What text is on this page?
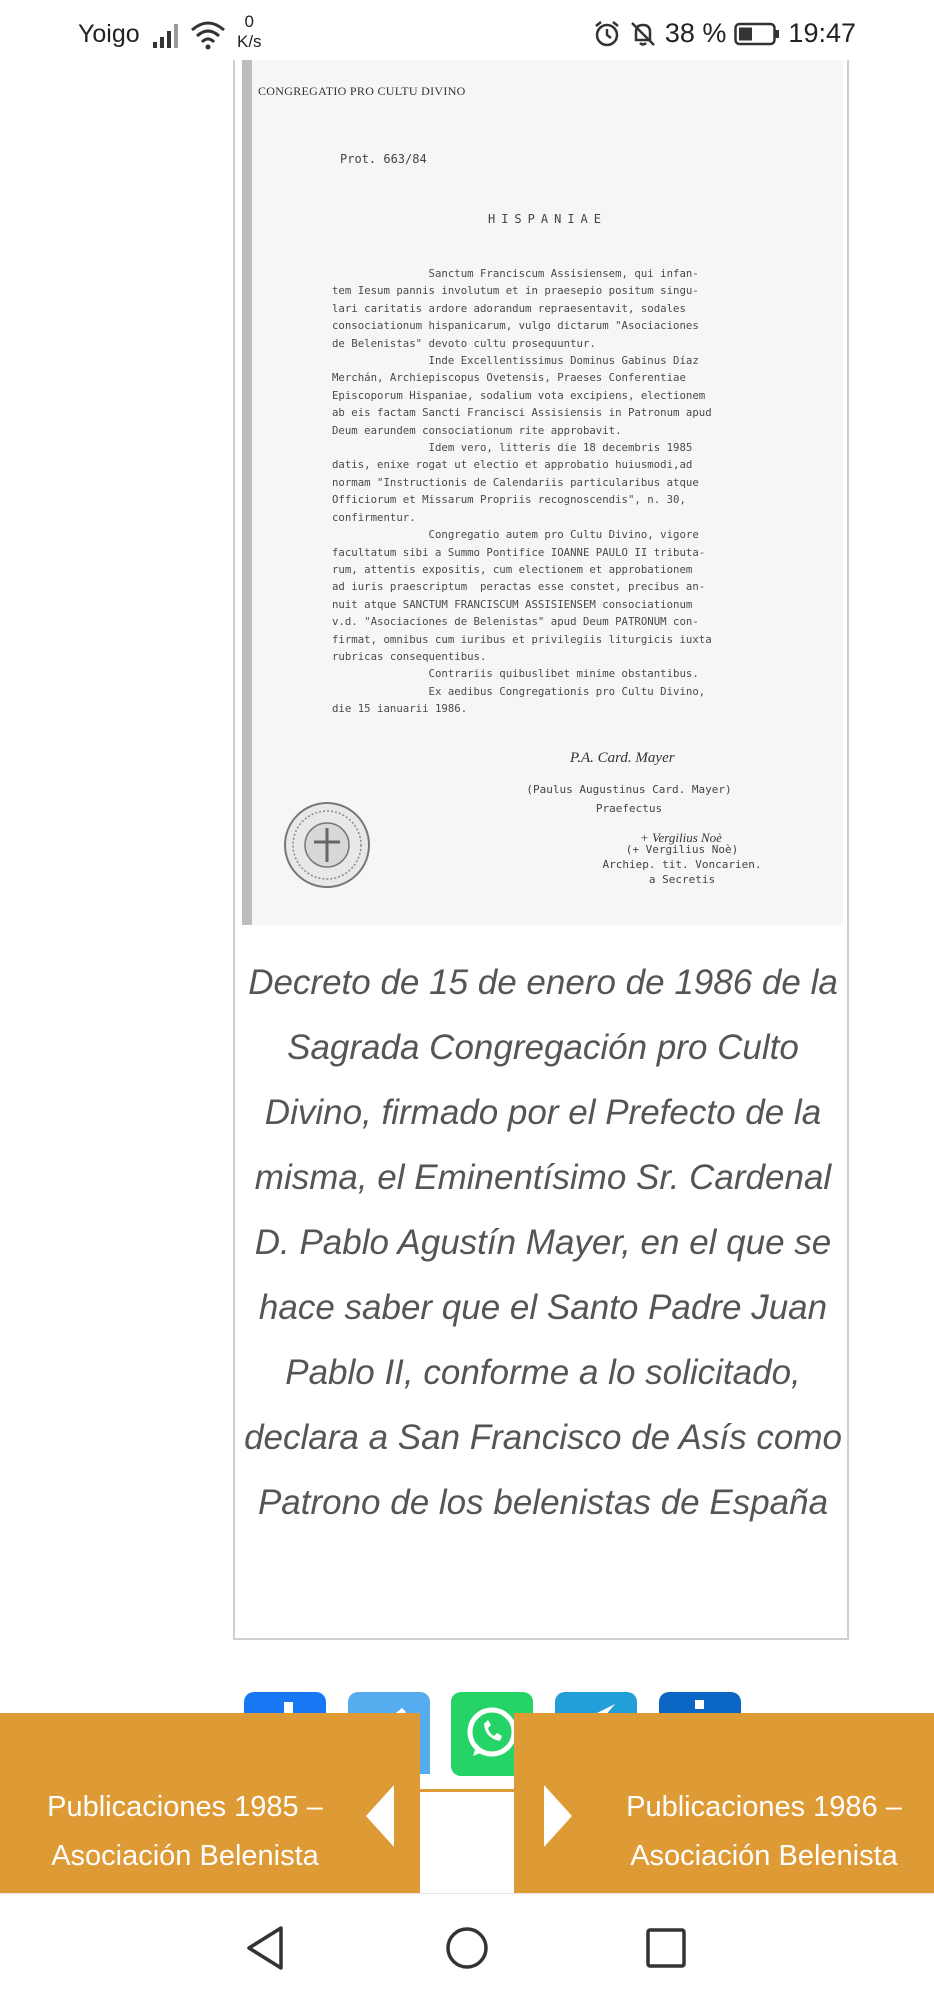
Yoigo	0
K/s	38 % 19:47
CONGREGATIO PRO CULTU DIVINO
Prot. 663/84
HISPANIAE
Sanctum Franciscum Assisiensem, qui infan-
tem Iesum pannis involutum et in praesepio positum singu-
lari caritatis ardore adorandum repraesentavit, sodales
consociationum hispanicarum, vulgo dictarum "Asociaciones
de Belenistas" devoto cultu prosequuntur.
Inde Excellentissimus Dominus Gabinus Díaz
Merchán, Archiepiscopus Ovetensis, Praeses Conferentiae
Episcoporum Hispaniae, sodalium vota excipiens, electionem
ab eis factam Sancti Francisci Assisiensis in Patronum apud
Deum earundem consociationum rite approbavit.
Idem vero, litteris die 18 decembris 1985
datis, enixe rogat ut electio et approbatio huiusmodi,ad
normam "Instructionis de Calendariis particularibus atque
Officiorum et Missarum Propriis recognoscendis", n. 30,
confirmentur.
Congregatio autem pro Cultu Divino, vigore
facultatum sibi a Summo Pontifice IOANNE PAULO II tributa-
rum, attentis expositis, cum electionem et approbationem
ad iuris praescriptum  peractas esse constet, precibus an-
nuit atque SANCTUM FRANCISCUM ASSISIENSEM consociationum
v.d. "Asociaciones de Belenistas" apud Deum PATRONUM con-
firmat, omnibus cum iuribus et privilegiis liturgicis iuxta
rubricas consequentibus.
Contrariis quibuslibet minime obstantibus.
Ex aedibus Congregationis pro Cultu Divino,
die 15 ianuarii 1986.
P.A. Card. Mayer
(Paulus Augustinus Card. Mayer)
Praefectus
+ Vergilius Noè
(+ Vergilius Noè)
Archiep. tit. Voncarien.
a Secretis
Decreto de 15 de enero de 1986 de la Sagrada Congregación pro Culto Divino, firmado por el Prefecto de la misma, el Eminentísimo Sr. Cardenal D. Pablo Agustín Mayer, en el que se hace saber que el Santo Padre Juan Pablo II, conforme a lo solicitado, declara a San Francisco de Asís como Patrono de los belenistas de España
Publicaciones 1985 – Asociación Belenista
Publicaciones 1986 – Asociación Belenista
